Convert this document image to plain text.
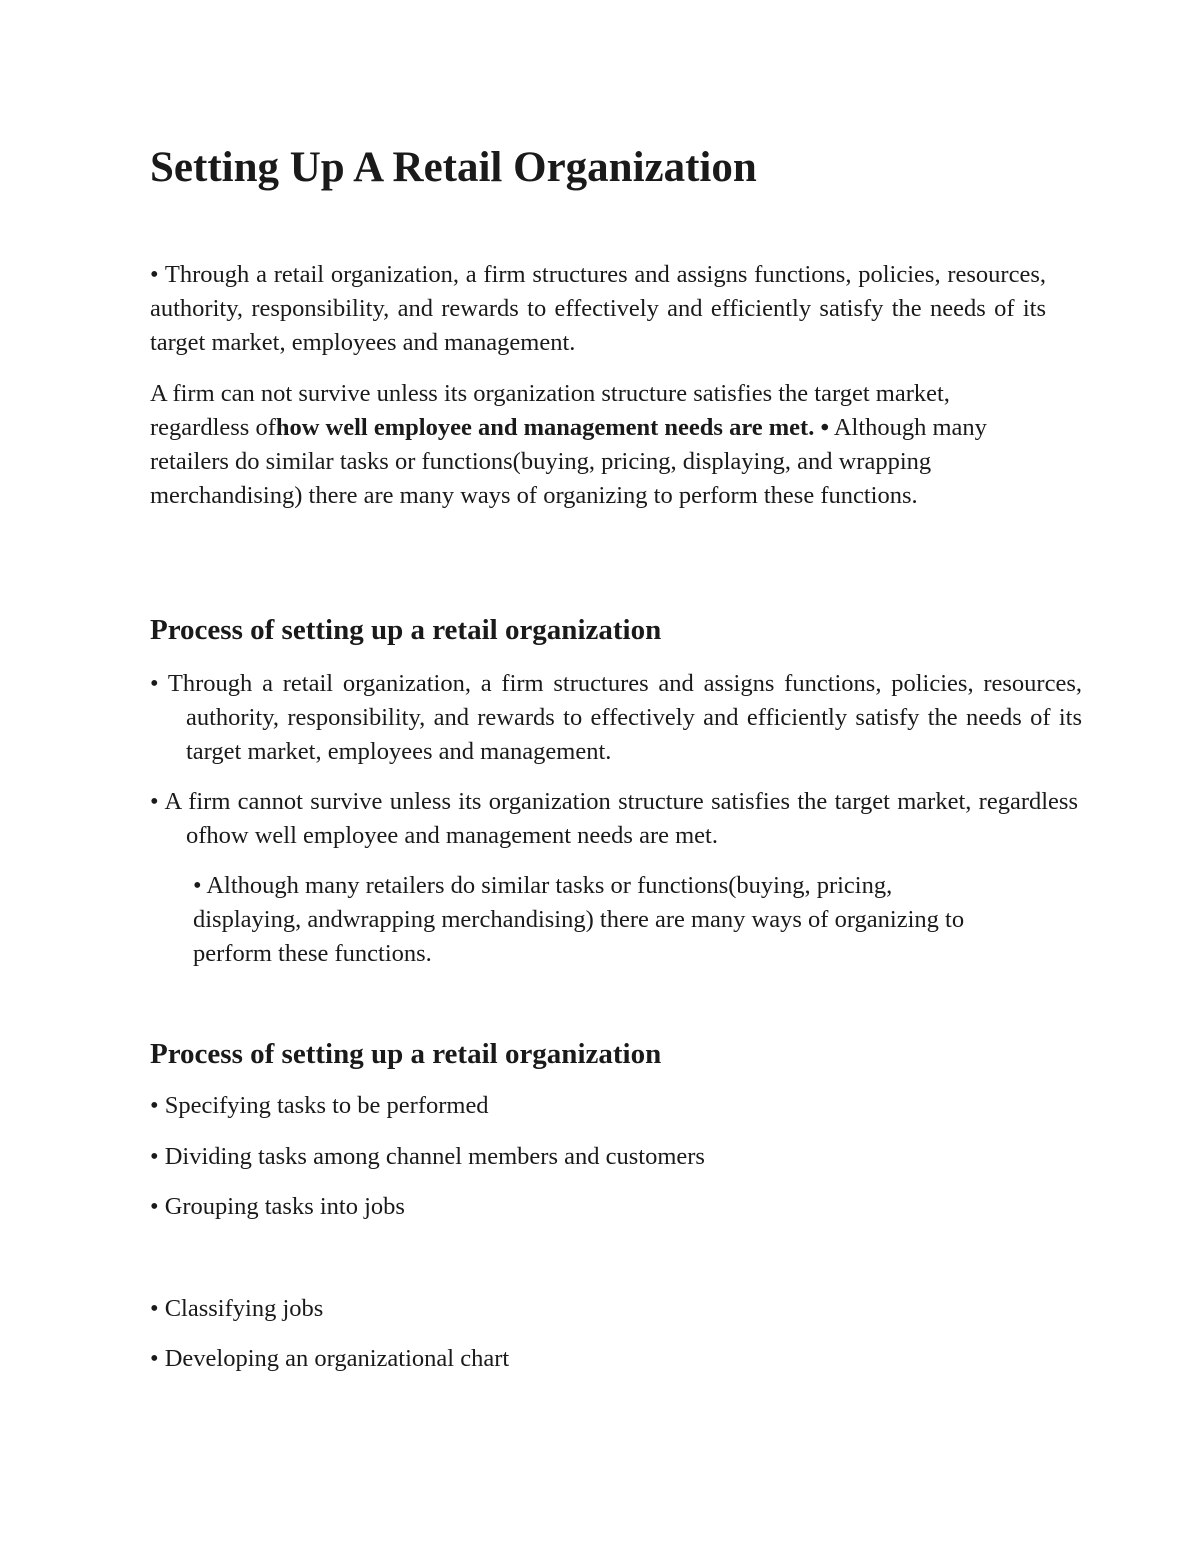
Setting Up A Retail Organization

• Through a retail organization, a firm structures and assigns functions, policies, resources, authority, responsibility, and rewards to effectively and efficiently satisfy the needs of its target market, employees and management.

A firm can not survive unless its organization structure satisfies the target market, regardless ofhow well employee and management needs are met. • Although many retailers do similar tasks or functions(buying, pricing, displaying, and wrapping merchandising) there are many ways of organizing to perform these functions.

Process of setting up a retail organization

• Through a retail organization, a firm structures and assigns functions, policies, resources, authority, responsibility, and rewards to effectively and efficiently satisfy the needs of its target market, employees and management.

• A firm cannot survive unless its organization structure satisfies the target market, regardless ofhow well employee and management needs are met.

• Although many retailers do similar tasks or functions(buying, pricing, displaying, andwrapping merchandising) there are many ways of organizing to perform these functions.

Process of setting up a retail organization

• Specifying tasks to be performed

• Dividing tasks among channel members and customers

• Grouping tasks into jobs

• Classifying jobs

• Developing an organizational chart
